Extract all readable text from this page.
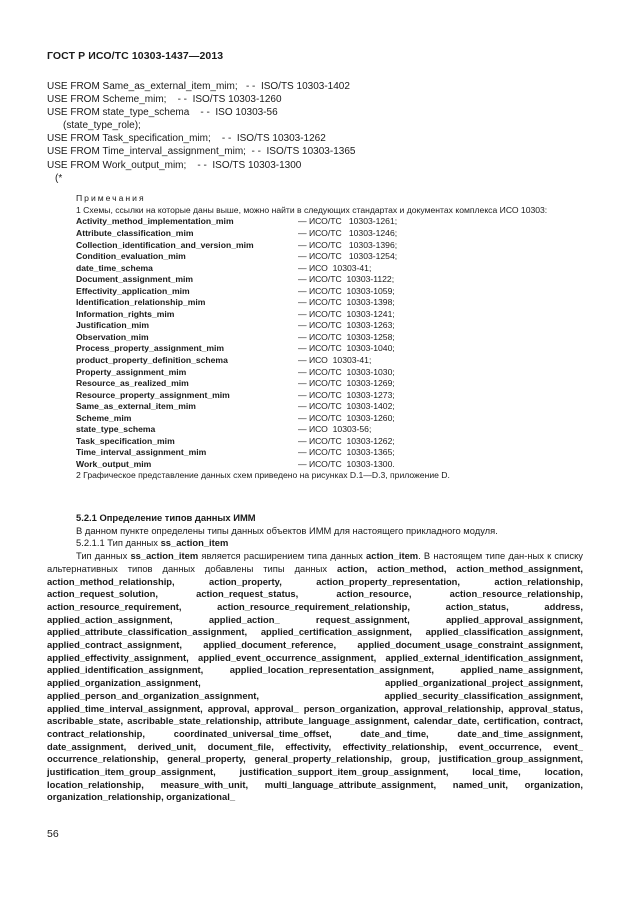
ГОСТ Р ИСО/ТС 10303-1437—2013
USE FROM Same_as_external_item_mim;   - -  ISO/TS 10303-1402
USE FROM Scheme_mim;    - -  ISO/TS 10303-1260
USE FROM state_type_schema    - -  ISO 10303-56
(state_type_role);
USE FROM Task_specification_mim;    - -  ISO/TS 10303-1262
USE FROM Time_interval_assignment_mim;  - -  ISO/TS 10303-1365
USE FROM Work_output_mim;    - -  ISO/TS 10303-1300
(*
Примечания
1 Схемы, ссылки на которые даны выше, можно найти в следующих стандартах и документах комплекса ИСО 10303:
Activity_method_implementation_mim	— ИСО/ТС   10303-1261;
Attribute_classification_mim	— ИСО/ТС   10303-1246;
Collection_identification_and_version_mim	— ИСО/ТС   10303-1396;
Condition_evaluation_mim	— ИСО/ТС   10303-1254;
date_time_schema	— ИСО  10303-41;
Document_assignment_mim	— ИСО/ТС  10303-1122;
Effectivity_application_mim	— ИСО/ТС  10303-1059;
Identification_relationship_mim	— ИСО/ТС  10303-1398;
Information_rights_mim	— ИСО/ТС  10303-1241;
Justification_mim	— ИСО/ТС  10303-1263;
Observation_mim	— ИСО/ТС  10303-1258;
Process_property_assignment_mim	— ИСО/ТС  10303-1040;
product_property_definition_schema	— ИСО  10303-41;
Property_assignment_mim	— ИСО/ТС  10303-1030;
Resource_as_realized_mim	— ИСО/ТС  10303-1269;
Resource_property_assignment_mim	— ИСО/ТС  10303-1273;
Same_as_external_item_mim	— ИСО/ТС  10303-1402;
Scheme_mim	— ИСО/ТС  10303-1260;
state_type_schema	— ИСО  10303-56;
Task_specification_mim	— ИСО/ТС  10303-1262;
Time_interval_assignment_mim	— ИСО/ТС  10303-1365;
Work_output_mim	— ИСО/ТС  10303-1300.
2 Графическое представление данных схем приведено на рисунках D.1—D.3, приложение D.
5.2.1 Определение типов данных ИММ
В данном пункте определены типы данных объектов ИММ для настоящего прикладного модуля.
5.2.1.1 Тип данных ss_action_item
Тип данных ss_action_item является расширением типа данных action_item. В настоящем типе дан-ных к списку альтернативных типов данных добавлены типы данных action, action_method, action_method_assignment, action_method_relationship, action_property, action_property_representation, action_relationship, action_request_solution, action_request_status, action_resource, action_resource_relationship, action_resource_requirement, action_resource_requirement_relationship, action_status, address, applied_action_assignment, applied_action_ request_assignment, applied_approval_assignment, applied_attribute_classification_assignment, applied_certification_assignment, applied_classification_assignment, applied_contract_assignment, applied_document_reference, applied_document_usage_constraint_assignment, applied_effectivity_assignment, applied_event_occurrence_assignment, applied_external_identification_assignment, applied_identification_assignment, applied_location_representation_assignment, applied_name_assignment, applied_organization_assignment, applied_organizational_project_assignment, applied_person_and_organization_assignment, applied_security_classification_assignment, applied_time_interval_assignment, approval, approval_ person_organization, approval_relationship, approval_status, ascribable_state, ascribable_state_relationship, attribute_language_assignment, calendar_date, certification, contract, contract_relationship, coordinated_universal_time_offset, date_and_time, date_and_time_assignment, date_assignment, derived_unit, document_file, effectivity, effectivity_relationship, event_occurrence, event_ occurrence_relationship, general_property, general_property_relationship, group, justification_group_assignment, justification_item_group_assignment, justification_support_item_group_assignment, local_time, location, location_relationship, measure_with_unit, multi_language_attribute_assignment, named_unit, organization, organization_relationship, organizational_
56
